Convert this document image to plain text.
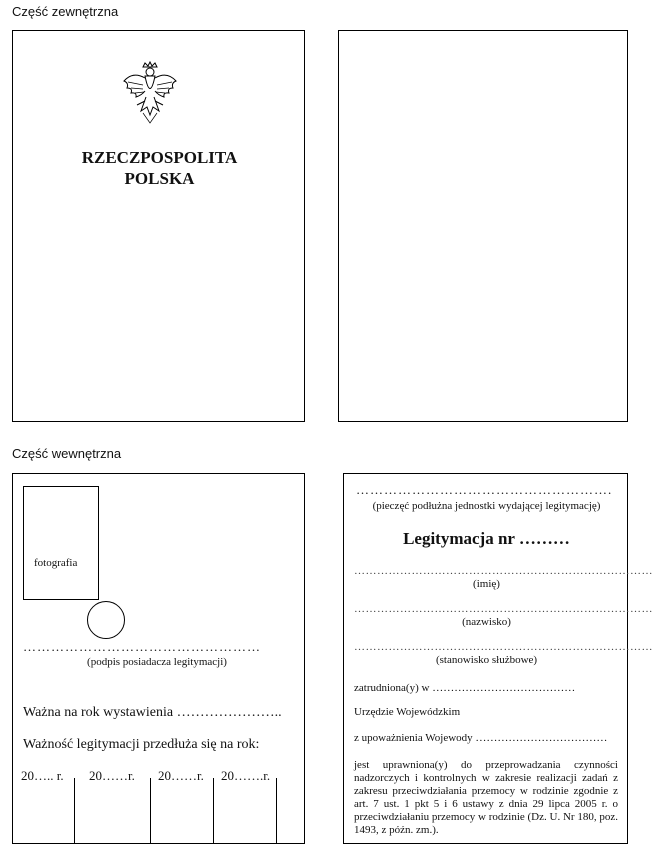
Część zewnętrzna
RZECZPOSPOLITA
POLSKA
Część wewnętrzna
fotografia
……………………………………………
(podpis posiadacza legitymacji)
Ważna na rok wystawienia …………………..
Ważność legitymacji przedłuża się na rok:
20….. r. 20……r. 20……r. 20…….r.
……………………………………………….
(pieczęć podłużna jednostki wydającej legitymację)
Legitymacja nr ………
……………………………………………………………………
(imię)
……………………………………………………………………
(nazwisko)
……………………………………………………………………
(stanowisko służbowe)
zatrudniona(y) w …………………………………
Urzędzie Wojewódzkim
z upoważnienia Wojewody ………………………………
jest uprawniona(y) do przeprowadzania czynności nadzorczych i kontrolnych w zakresie realizacji zadań z zakresu przeciwdziałania przemocy w rodzinie zgodnie z art. 7 ust. 1 pkt 5 i 6 ustawy z dnia 29 lipca 2005 r. o przeciwdziałaniu przemocy w rodzinie (Dz. U. Nr 180, poz. 1493, z późn. zm.).
